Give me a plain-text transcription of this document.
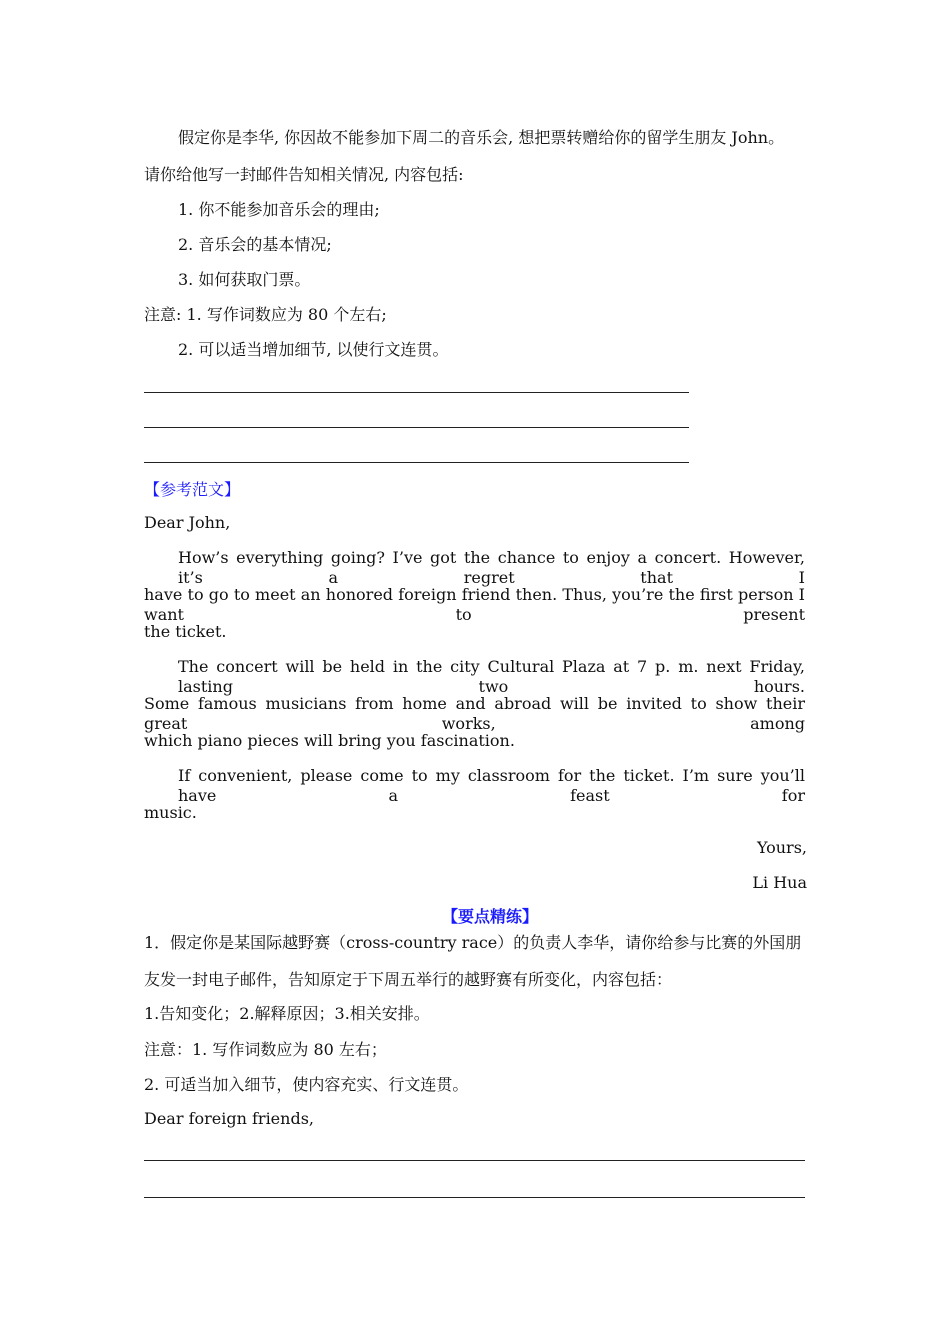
假定你是李华, 你因故不能参加下周二的音乐会, 想把票转赠给你的留学生朋友 John。
请你给他写一封邮件告知相关情况, 内容包括:
1. 你不能参加音乐会的理由;
2. 音乐会的基本情况;
3. 如何获取门票。
注意: 1. 写作词数应为 80 个左右;
2. 可以适当增加细节, 以使行文连贯。
【参考范文】
Dear John,
How’s everything going? I’ve got the chance to enjoy a concert. However, it’s a regret that I
have to go to meet an honored foreign friend then. Thus, you’re the first person I want to present
the ticket.
The concert will be held in the city Cultural Plaza at 7 p. m. next Friday, lasting two hours.
Some famous musicians from home and abroad will be invited to show their great works, among
which piano pieces will bring you fascination.
If convenient, please come to my classroom for the ticket. I’m sure you’ll have a feast for
music.
Yours,
Li Hua
【要点精练】
1．假定你是某国际越野赛（cross-country race）的负责人李华，请你给参与比赛的外国朋
友发一封电子邮件，告知原定于下周五举行的越野赛有所变化，内容包括：
1.告知变化；2.解释原因；3.相关安排。
注意：1. 写作词数应为 80 左右；
2. 可适当加入细节，使内容充实、行文连贯。
Dear foreign friends,
